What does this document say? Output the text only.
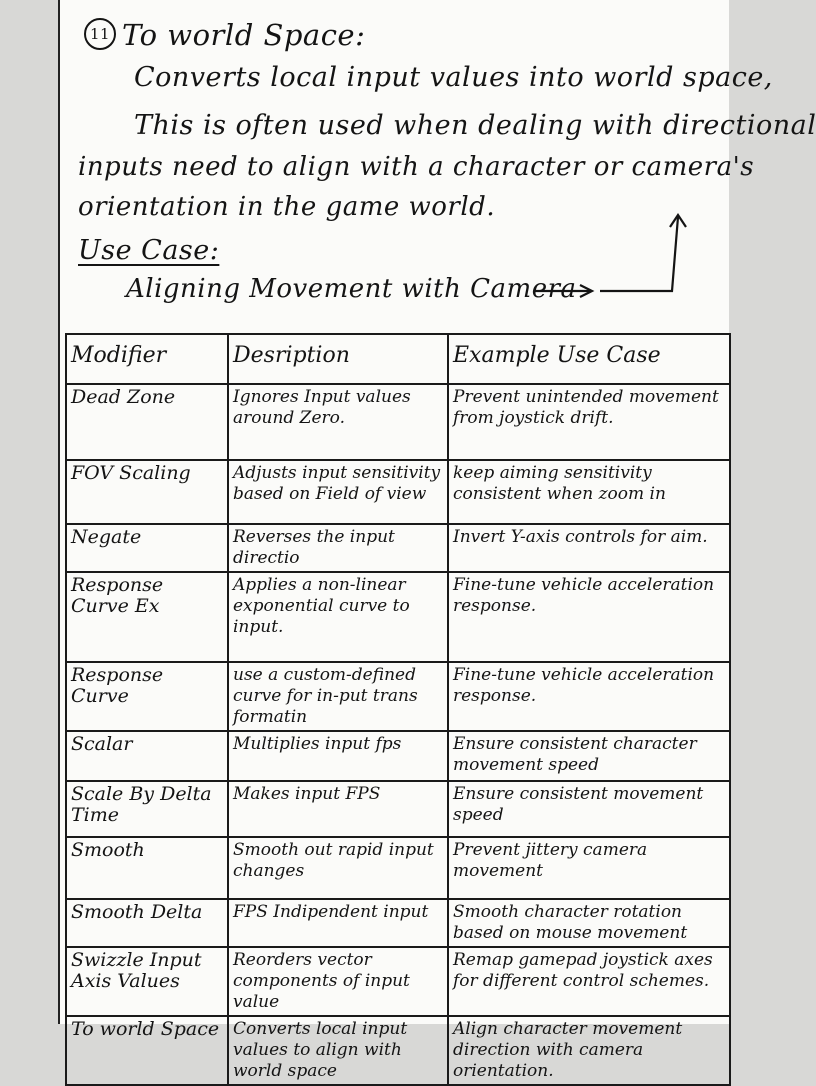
11 To world Space:
Converts local input values into world space,
This is often used when dealing with directional
inputs need to align with a character or camera's
orientation in the game world.
Use Case:
Aligning Movement with Camera
Modifier	Desription	Example Use Case
Dead Zone	Ignores Input values around Zero.	Prevent unintended movement from joystick drift.
FOV Scaling	Adjusts input sensitivity based on Field of view	keep aiming sensitivity consistent when zoom in
Negate	Reverses the input directio	Invert Y-axis controls for aim.
Response Curve Ex	Applies a non-linear exponential curve to input.	Fine-tune vehicle acceleration response.
Response Curve	use a custom-defined curve for in-put trans formatin	Fine-tune vehicle acceleration response.
Scalar	Multiplies input fps	Ensure consistent character movement speed
Scale By Delta Time	Makes input FPS	Ensure consistent movement speed
Smooth	Smooth out rapid input changes	Prevent jittery camera movement
Smooth Delta	FPS Indipendent input	Smooth character rotation based on mouse movement
Swizzle Input Axis Values	Reorders vector components of input value	Remap gamepad joystick axes for different control schemes.
To world Space	Converts local input values to align with world space	Align character movement direction with camera orientation.
